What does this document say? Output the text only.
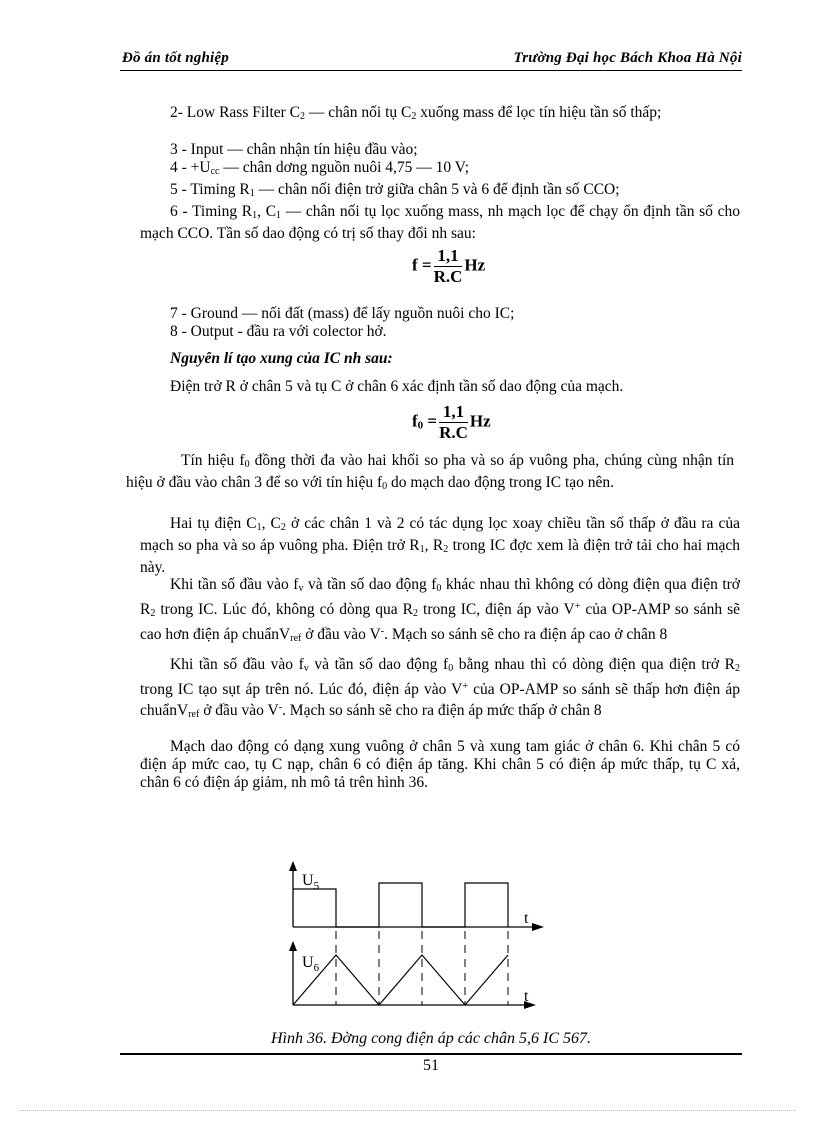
Đồ án tốt nghiệp	Trường Đại học Bách Khoa Hà Nội

2- Low Rass Filter $C_2$ — chân nối tụ $C_2$ xuống mass để lọc tín hiệu tần số thấp;

3 - Input — chân nhận tín hiệu đầu vào;

$4 - +U_{cc}$ — chân dơng nguồn nuôi 4,75 — 10 V;

5 - Timing $R_1$ — chân nối điện trở giữa chân 5 và 6 để định tần số CCO;

6 - Timing $R_1$, $C_1$ — chân nối tụ lọc xuống mass, nh mạch lọc để chạy ổn định tần số cho mạch CCO. Tần số dao động có trị số thay đổi nh sau:

$f = \frac{1,1}{R.C}$ Hz

7 - Ground — nối đất (mass) để lấy nguồn nuôi cho IC;

8 - Output - đầu ra với colector hở.

Nguyên lí tạo xung của IC nh sau:

Điện trở R ở chân 5 và tụ C ở chân 6 xác định tần số dao động của mạch.

$f0 = \frac{1,1}{R.C}$ Hz

Tín hiệu $f_0$ đồng thời đa vào hai khối so pha và so áp vuông pha, chúng cùng nhận tín hiệu ở đầu vào chân 3 để so với tín hiệu $f_0$ do mạch dao động trong IC tạo nên.

Hai tụ điện $C_1$, $C_2$ ở các chân 1 và 2 có tác dụng lọc xoay chiều tần số thấp ở đầu ra của mạch so pha và so áp vuông pha. Điện trở $R_1$, $R_2$ trong IC đợc xem là điện trở tải cho hai mạch này.

Khi tần số đầu vào $f_v$ và tần số dao động $f_0$ khác nhau thì không có dòng điện qua điện trở $R_2$ trong IC. Lúc đó, không có dòng qua $R_2$ trong IC, điện áp vào V+ của OP-AMP so sánh sẽ cao hơn điện áp chuẩnV$_{ref}$ ở đầu vào V-. Mạch so sánh sẽ cho ra điện áp cao ở chân 8

Khi tần số đầu vào $f_v$ và tần số dao động $f_0$ bằng nhau thì có dòng điện qua điện trở $R_2$ trong IC tạo sụt áp trên nó. Lúc đó, điện áp vào V+ của OP-AMP so sánh sẽ thấp hơn điện áp chuẩnV$_{ref}$ ở đầu vào V-. Mạch so sánh sẽ cho ra điện áp mức thấp ở chân 8

Mạch dao động có dạng xung vuông ở chân 5 và xung tam giác ở chân 6. Khi chân 5 có điện áp mức cao, tụ C nạp, chân 6 có điện áp tăng. Khi chân 5 có điện áp mức thấp, tụ C xả, chân 6 có điện áp giảm, nh mô tả trên hình 36.

$U_5$
t
$U_6$
t
Hình 36. Đờng cong điện áp các chân 5,6 IC 567.
51
